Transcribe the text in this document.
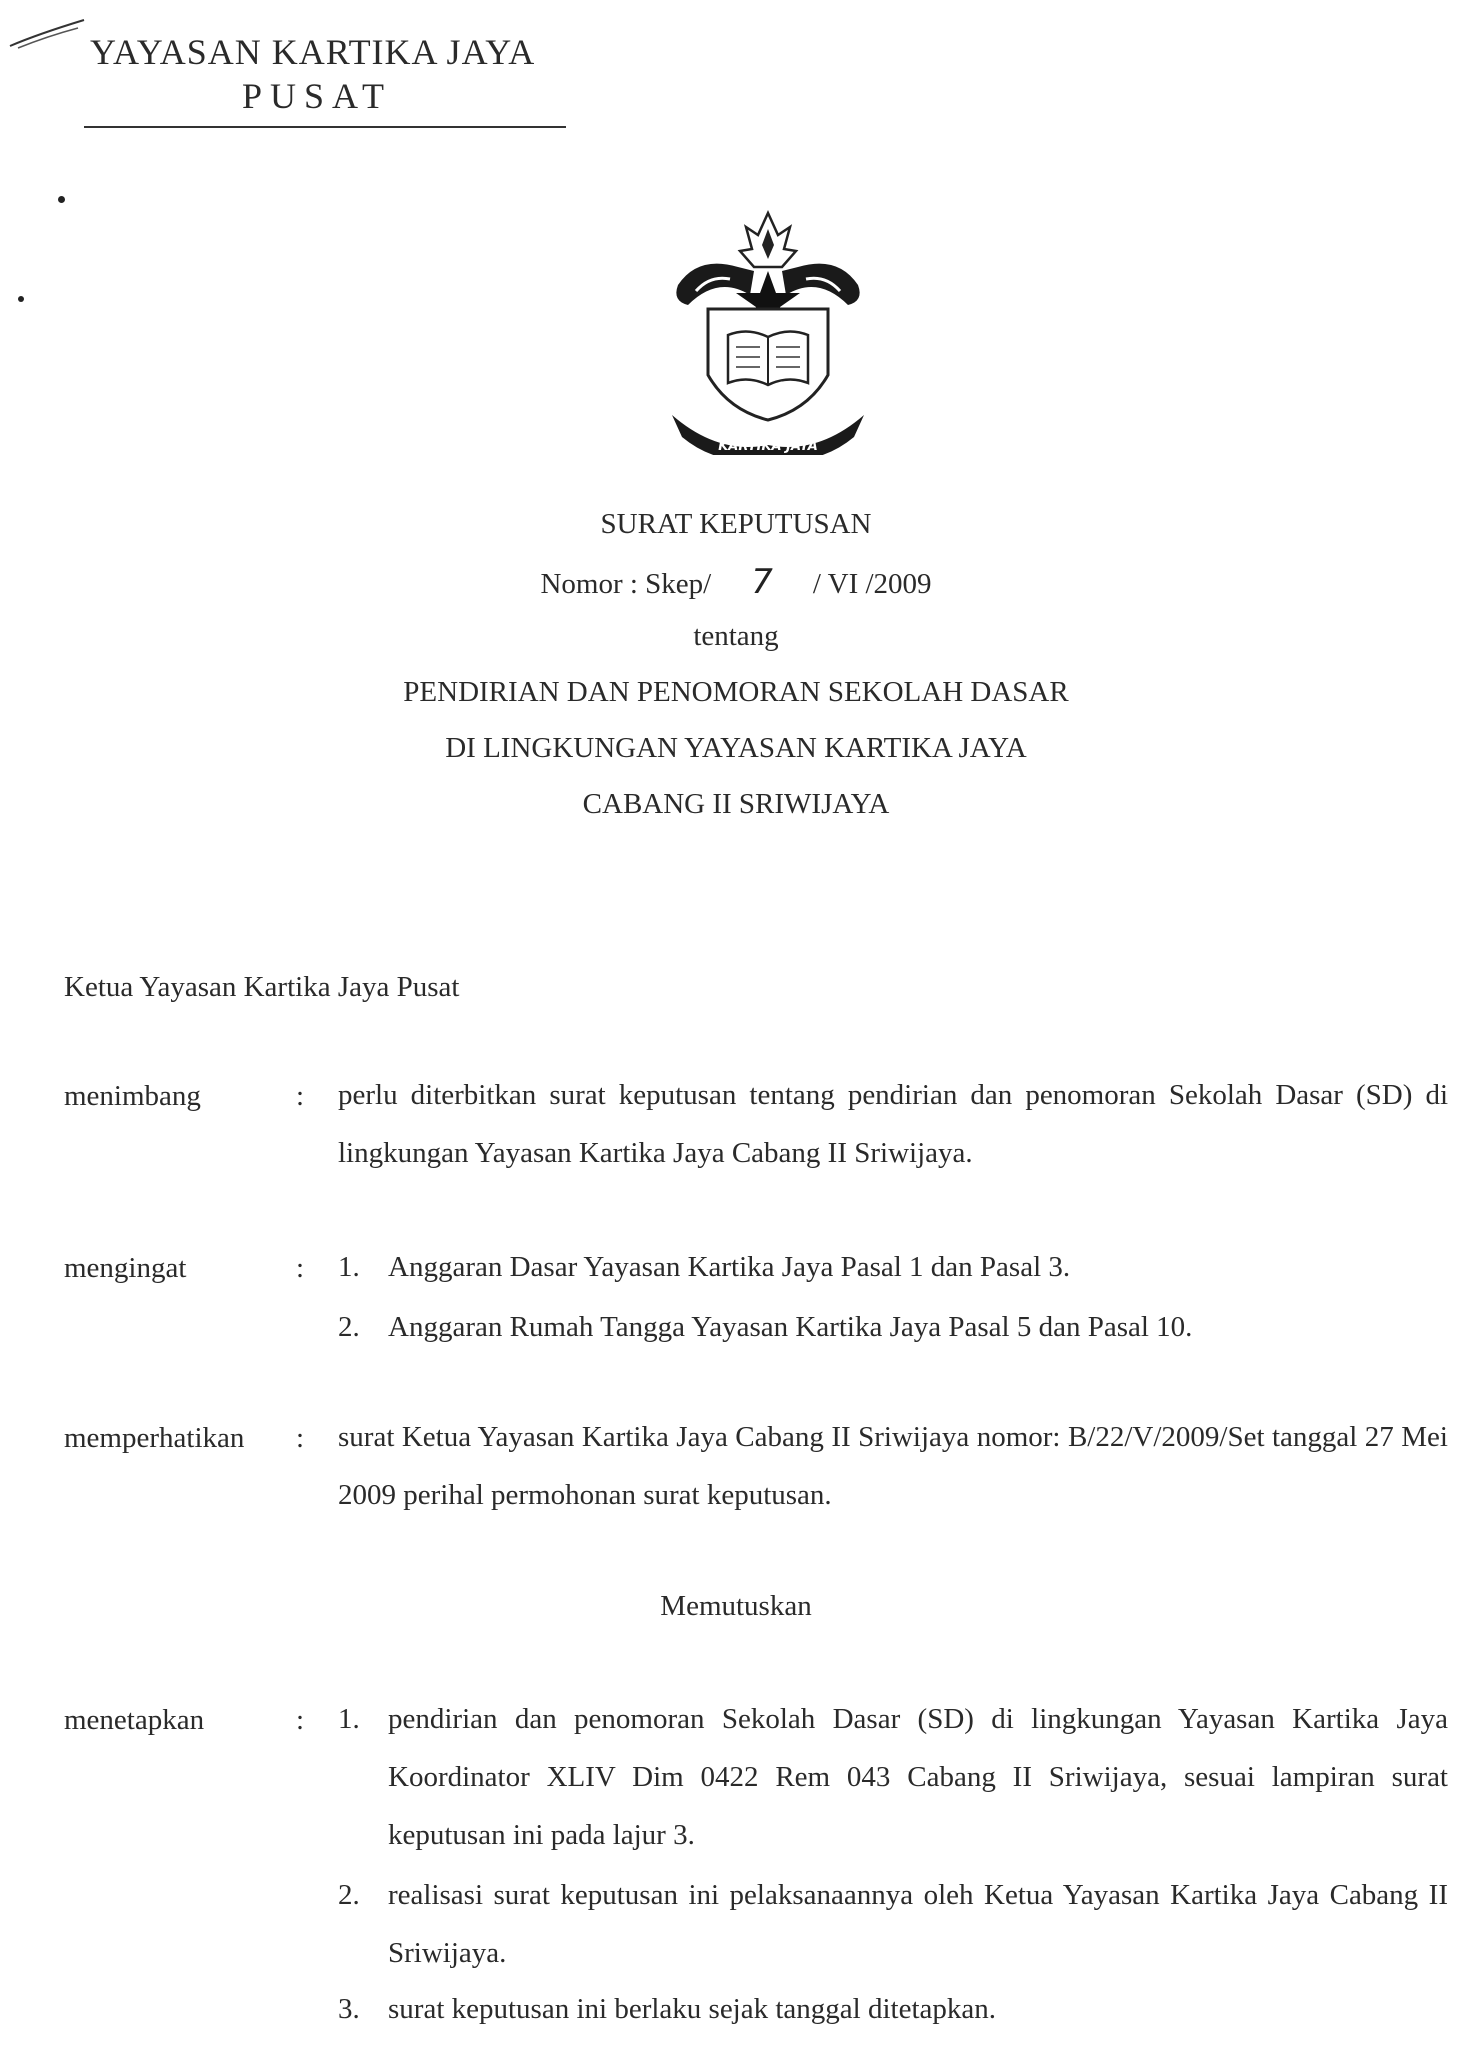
YAYASAN KARTIKA JAYA
PUSAT
KARTIKA JAYA
SURAT KEPUTUSAN
Nomor : Skep/ 7 / VI /2009
tentang
PENDIRIAN DAN PENOMORAN SEKOLAH DASAR
DI LINGKUNGAN YAYASAN KARTIKA JAYA
CABANG II SRIWIJAYA
Ketua Yayasan Kartika Jaya Pusat
menimbang	: perlu diterbitkan surat keputusan tentang pendirian dan penomoran Sekolah Dasar (SD) di lingkungan Yayasan Kartika Jaya Cabang II Sriwijaya.
mengingat	: 1. Anggaran Dasar Yayasan Kartika Jaya Pasal 1 dan Pasal 3.
2. Anggaran Rumah Tangga Yayasan Kartika Jaya Pasal 5 dan Pasal 10.
memperhatikan : surat Ketua Yayasan Kartika Jaya Cabang II Sriwijaya nomor: B/22/V/2009/Set tanggal 27 Mei 2009 perihal permohonan surat keputusan.
Memutuskan
menetapkan	: 1. pendirian dan penomoran Sekolah Dasar (SD) di lingkungan Yayasan Kartika Jaya Koordinator XLIV Dim 0422 Rem 043 Cabang II Sriwijaya, sesuai lampiran surat keputusan ini pada lajur 3.
2. realisasi surat keputusan ini pelaksanaannya oleh Ketua Yayasan Kartika Jaya Cabang II Sriwijaya.
3. surat keputusan ini berlaku sejak tanggal ditetapkan.
